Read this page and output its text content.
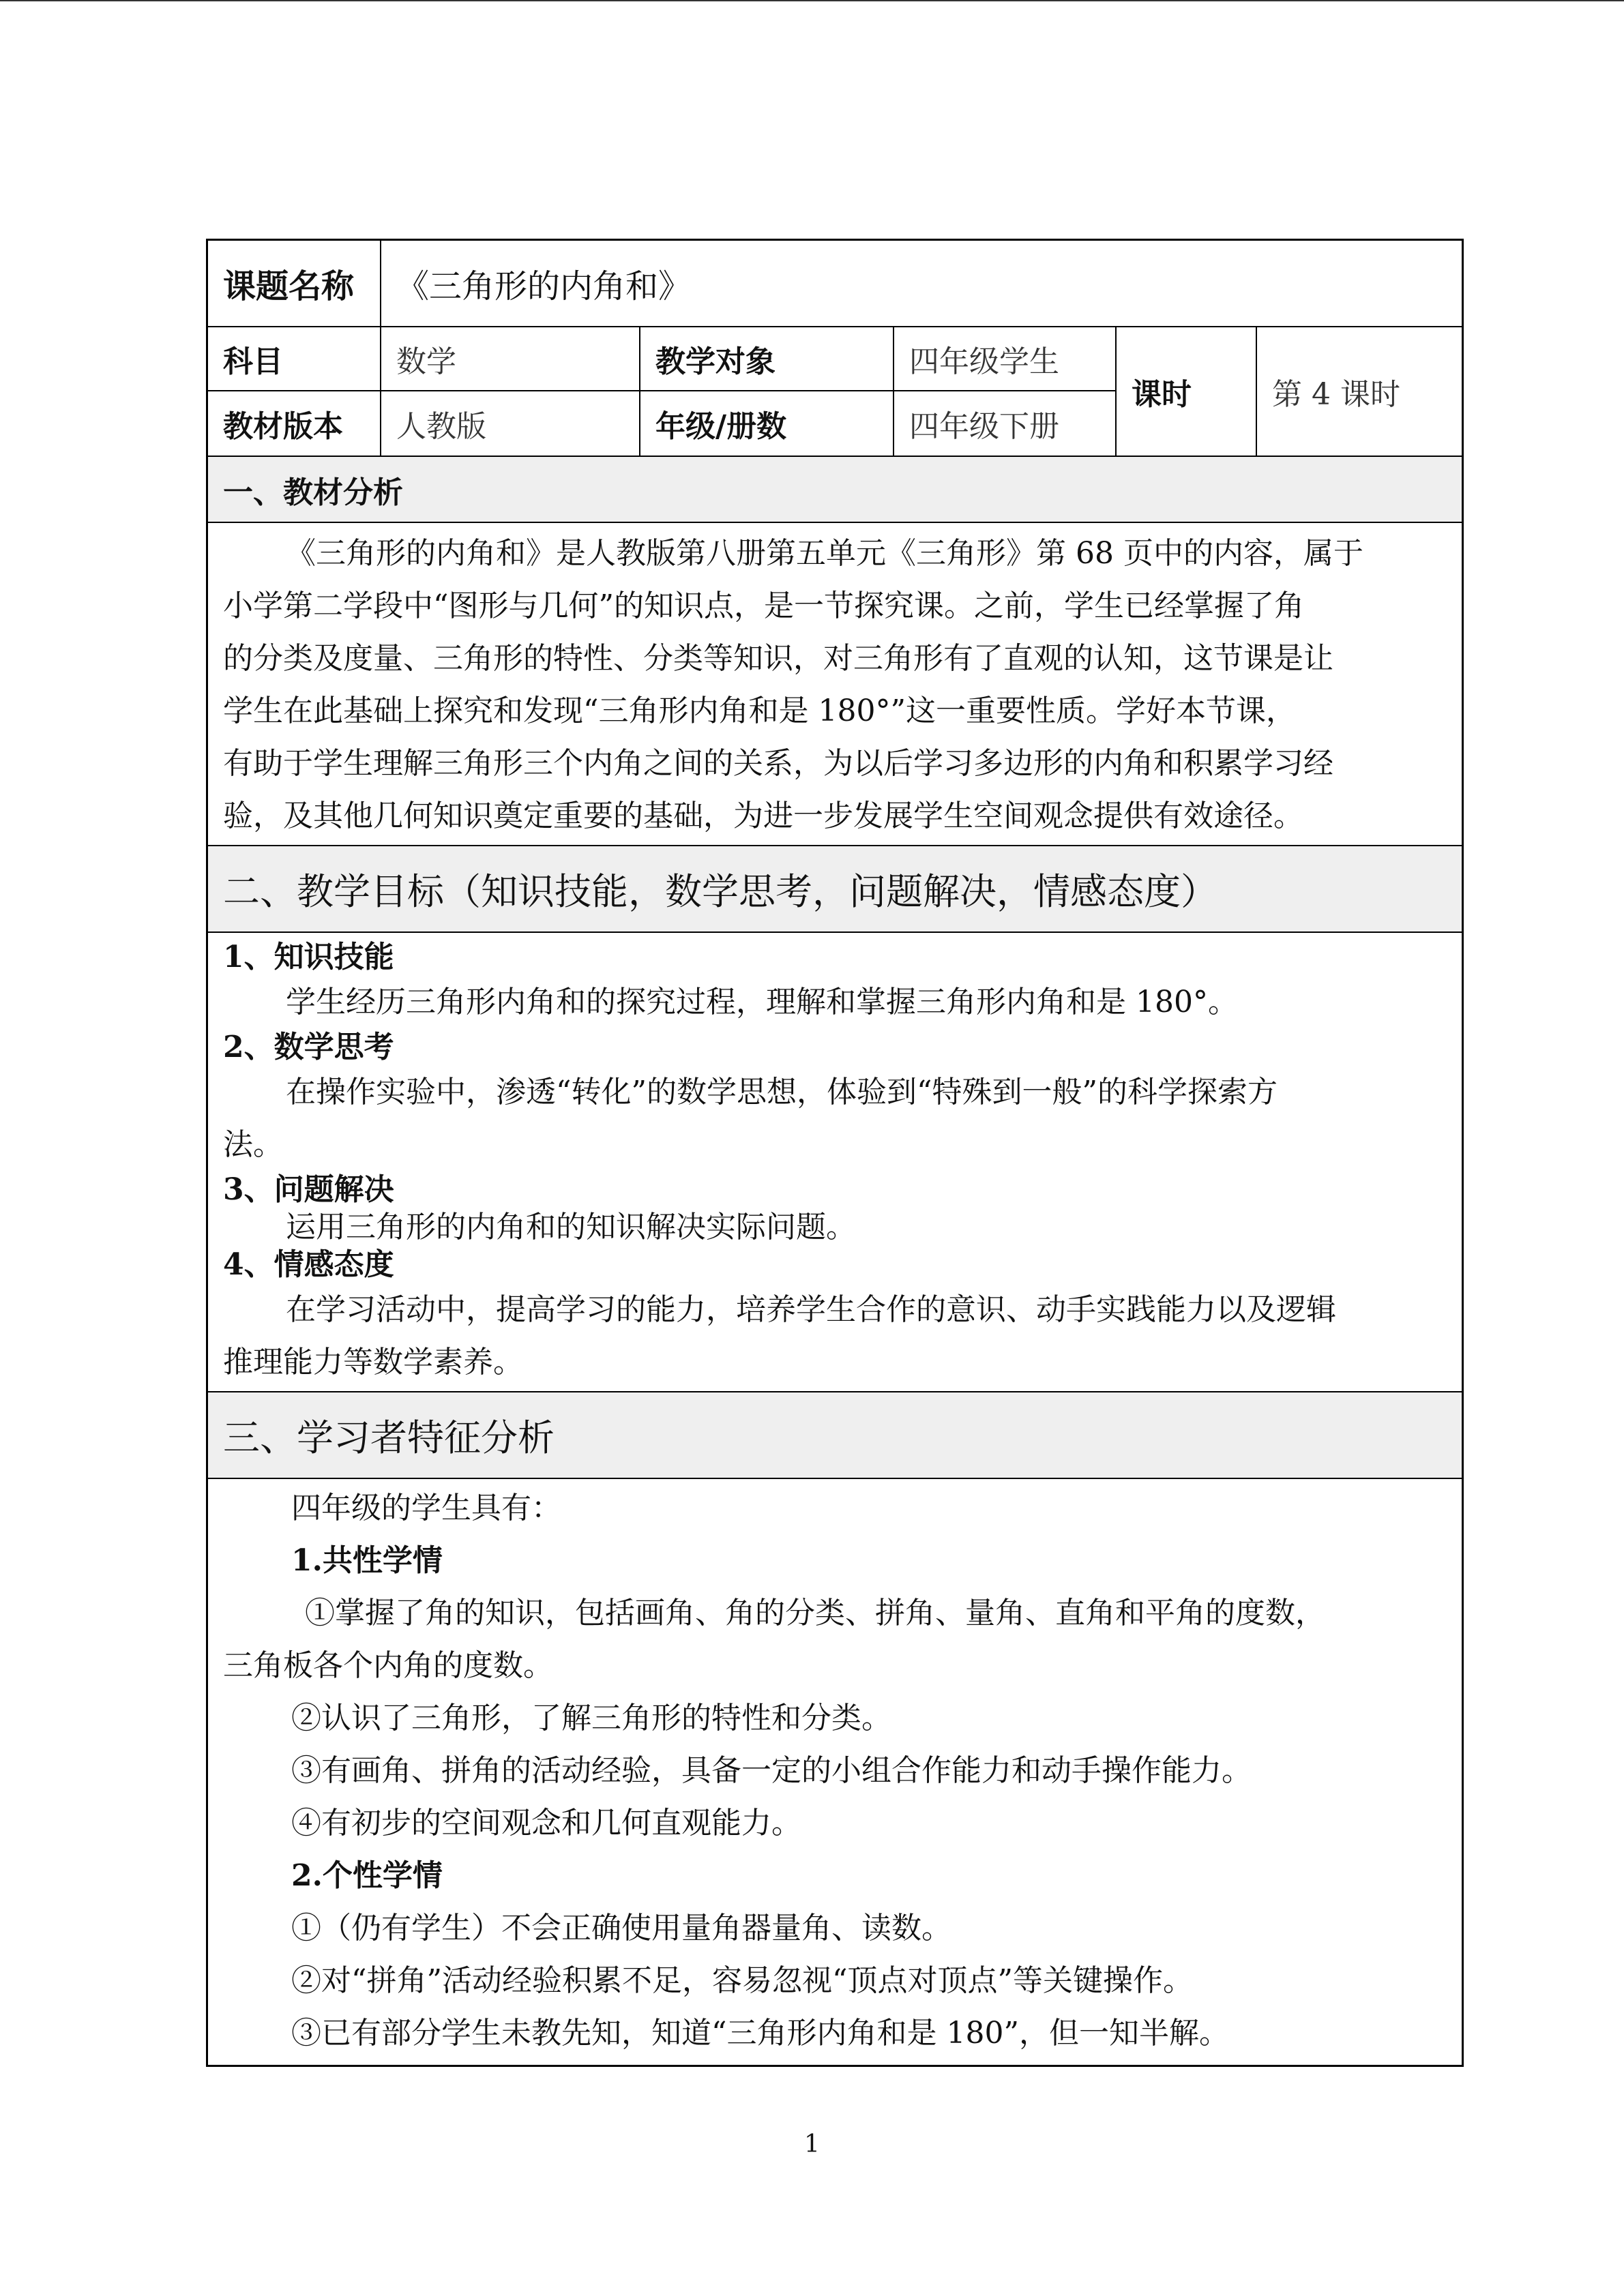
课题名称	《三角形的内角和》
科目	数学	教学对象	四年级学生
教材版本	人教版	年级/册数	四年级下册
课时	第 4 课时
一、教材分析
《三角形的内角和》是人教版第八册第五单元《三角形》第 68 页中的内容，属于
小学第二学段中“图形与几何”的知识点，是一节探究课。之前，学生已经掌握了角
的分类及度量、三角形的特性、分类等知识，对三角形有了直观的认知，这节课是让
学生在此基础上探究和发现“三角形内角和是 180°”这一重要性质。学好本节课，
有助于学生理解三角形三个内角之间的关系，为以后学习多边形的内角和积累学习经
验，及其他几何知识奠定重要的基础，为进一步发展学生空间观念提供有效途径。
二、教学目标（知识技能，数学思考，问题解决，情感态度）
1、知识技能
学生经历三角形内角和的探究过程，理解和掌握三角形内角和是 180°。
2、数学思考
在操作实验中，渗透“转化”的数学思想，体验到“特殊到一般”的科学探索方
法。
3、问题解决
运用三角形的内角和的知识解决实际问题。
4、情感态度
在学习活动中，提高学习的能力，培养学生合作的意识、动手实践能力以及逻辑
推理能力等数学素养。
三、学习者特征分析
四年级的学生具有：
1.共性学情
①掌握了角的知识，包括画角、角的分类、拼角、量角、直角和平角的度数，
三角板各个内角的度数。
②认识了三角形，了解三角形的特性和分类。
③有画角、拼角的活动经验，具备一定的小组合作能力和动手操作能力。
④有初步的空间观念和几何直观能力。
2.个性学情
①（仍有学生）不会正确使用量角器量角、读数。
②对“拼角”活动经验积累不足，容易忽视“顶点对顶点”等关键操作。
③已有部分学生未教先知，知道“三角形内角和是 180”，但一知半解。
1
